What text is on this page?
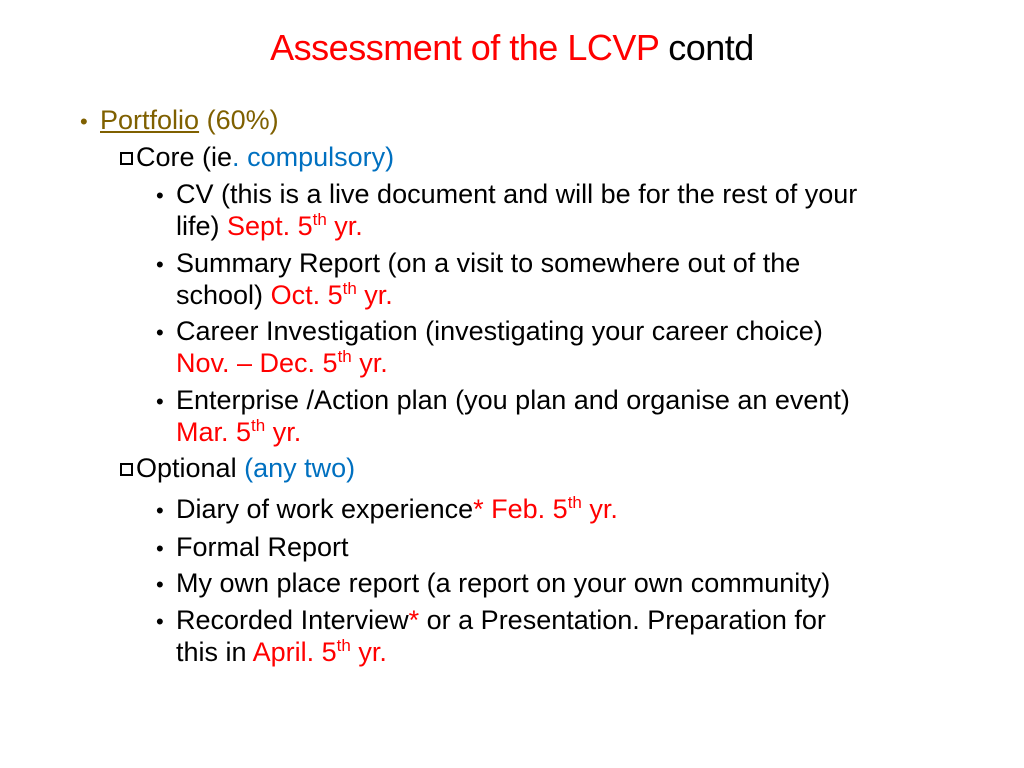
Assessment of the LCVP contd
• Portfolio (60%)
Core (ie. compulsory)
• CV (this is a live document and will be for the rest of your
life) Sept. 5th yr.
• Summary Report (on a visit to somewhere out of the
school) Oct. 5th yr.
• Career Investigation (investigating your career choice)
Nov. – Dec. 5th yr.
• Enterprise /Action plan (you plan and organise an event)
Mar. 5th yr.
Optional (any two)
• Diary of work experience* Feb. 5th yr.
• Formal Report
• My own place report (a report on your own community)
• Recorded Interview* or a Presentation. Preparation for
this in April. 5th yr.
